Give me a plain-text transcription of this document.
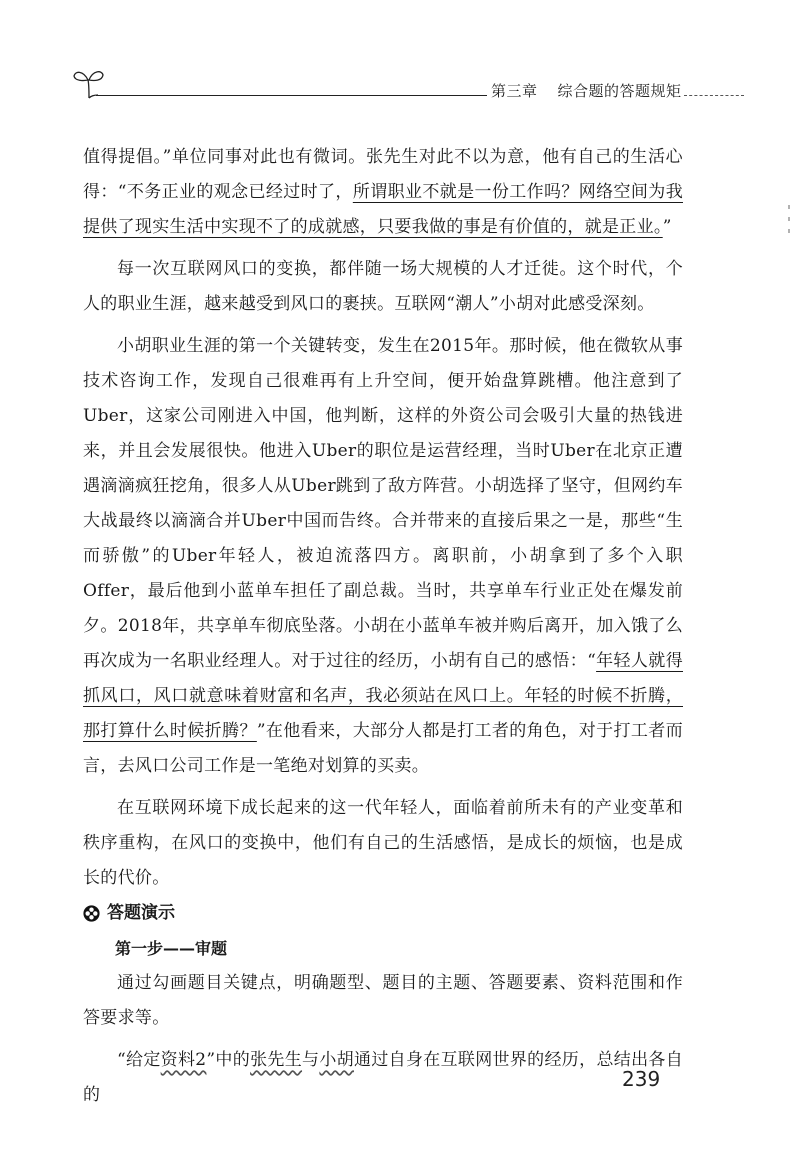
第三章 综合题的答题规矩

值得提倡。”单位同事对此也有微词。张先生对此不以为意，他有自己的生活心得：“不务正业的观念已经过时了，所谓职业不就是一份工作吗？网络空间为我提供了现实生活中实现不了的成就感，只要我做的事是有价值的，就是正业。”

每一次互联网风口的变换，都伴随一场大规模的人才迁徙。这个时代，个人的职业生涯，越来越受到风口的裹挟。互联网“潮人”小胡对此感受深刻。

小胡职业生涯的第一个关键转变，发生在2015年。那时候，他在微软从事技术咨询工作，发现自己很难再有上升空间，便开始盘算跳槽。他注意到了Uber，这家公司刚进入中国，他判断，这样的外资公司会吸引大量的热钱进来，并且会发展很快。他进入Uber的职位是运营经理，当时Uber在北京正遭遇滴滴疯狂挖角，很多人从Uber跳到了敌方阵营。小胡选择了坚守，但网约车大战最终以滴滴合并Uber中国而告终。合并带来的直接后果之一是，那些“生而骄傲”的Uber年轻人，被迫流落四方。离职前，小胡拿到了多个入职Offer，最后他到小蓝单车担任了副总裁。当时，共享单车行业正处在爆发前夕。2018年，共享单车彻底坠落。小胡在小蓝单车被并购后离开，加入饿了么再次成为一名职业经理人。对于过往的经历，小胡有自己的感悟：“年轻人就得抓风口，风口就意味着财富和名声，我必须站在风口上。年轻的时候不折腾，那打算什么时候折腾？”在他看来，大部分人都是打工者的角色，对于打工者而言，去风口公司工作是一笔绝对划算的买卖。

在互联网环境下成长起来的这一代年轻人，面临着前所未有的产业变革和秩序重构，在风口的变换中，他们有自己的生活感悟，是成长的烦恼，也是成长的代价。

答题演示
第一步——审题

通过勾画题目关键点，明确题型、题目的主题、答题要素、资料范围和作答要求等。

“给定资料2”中的张先生与小胡通过自身在互联网世界的经历，总结出各自的

239
